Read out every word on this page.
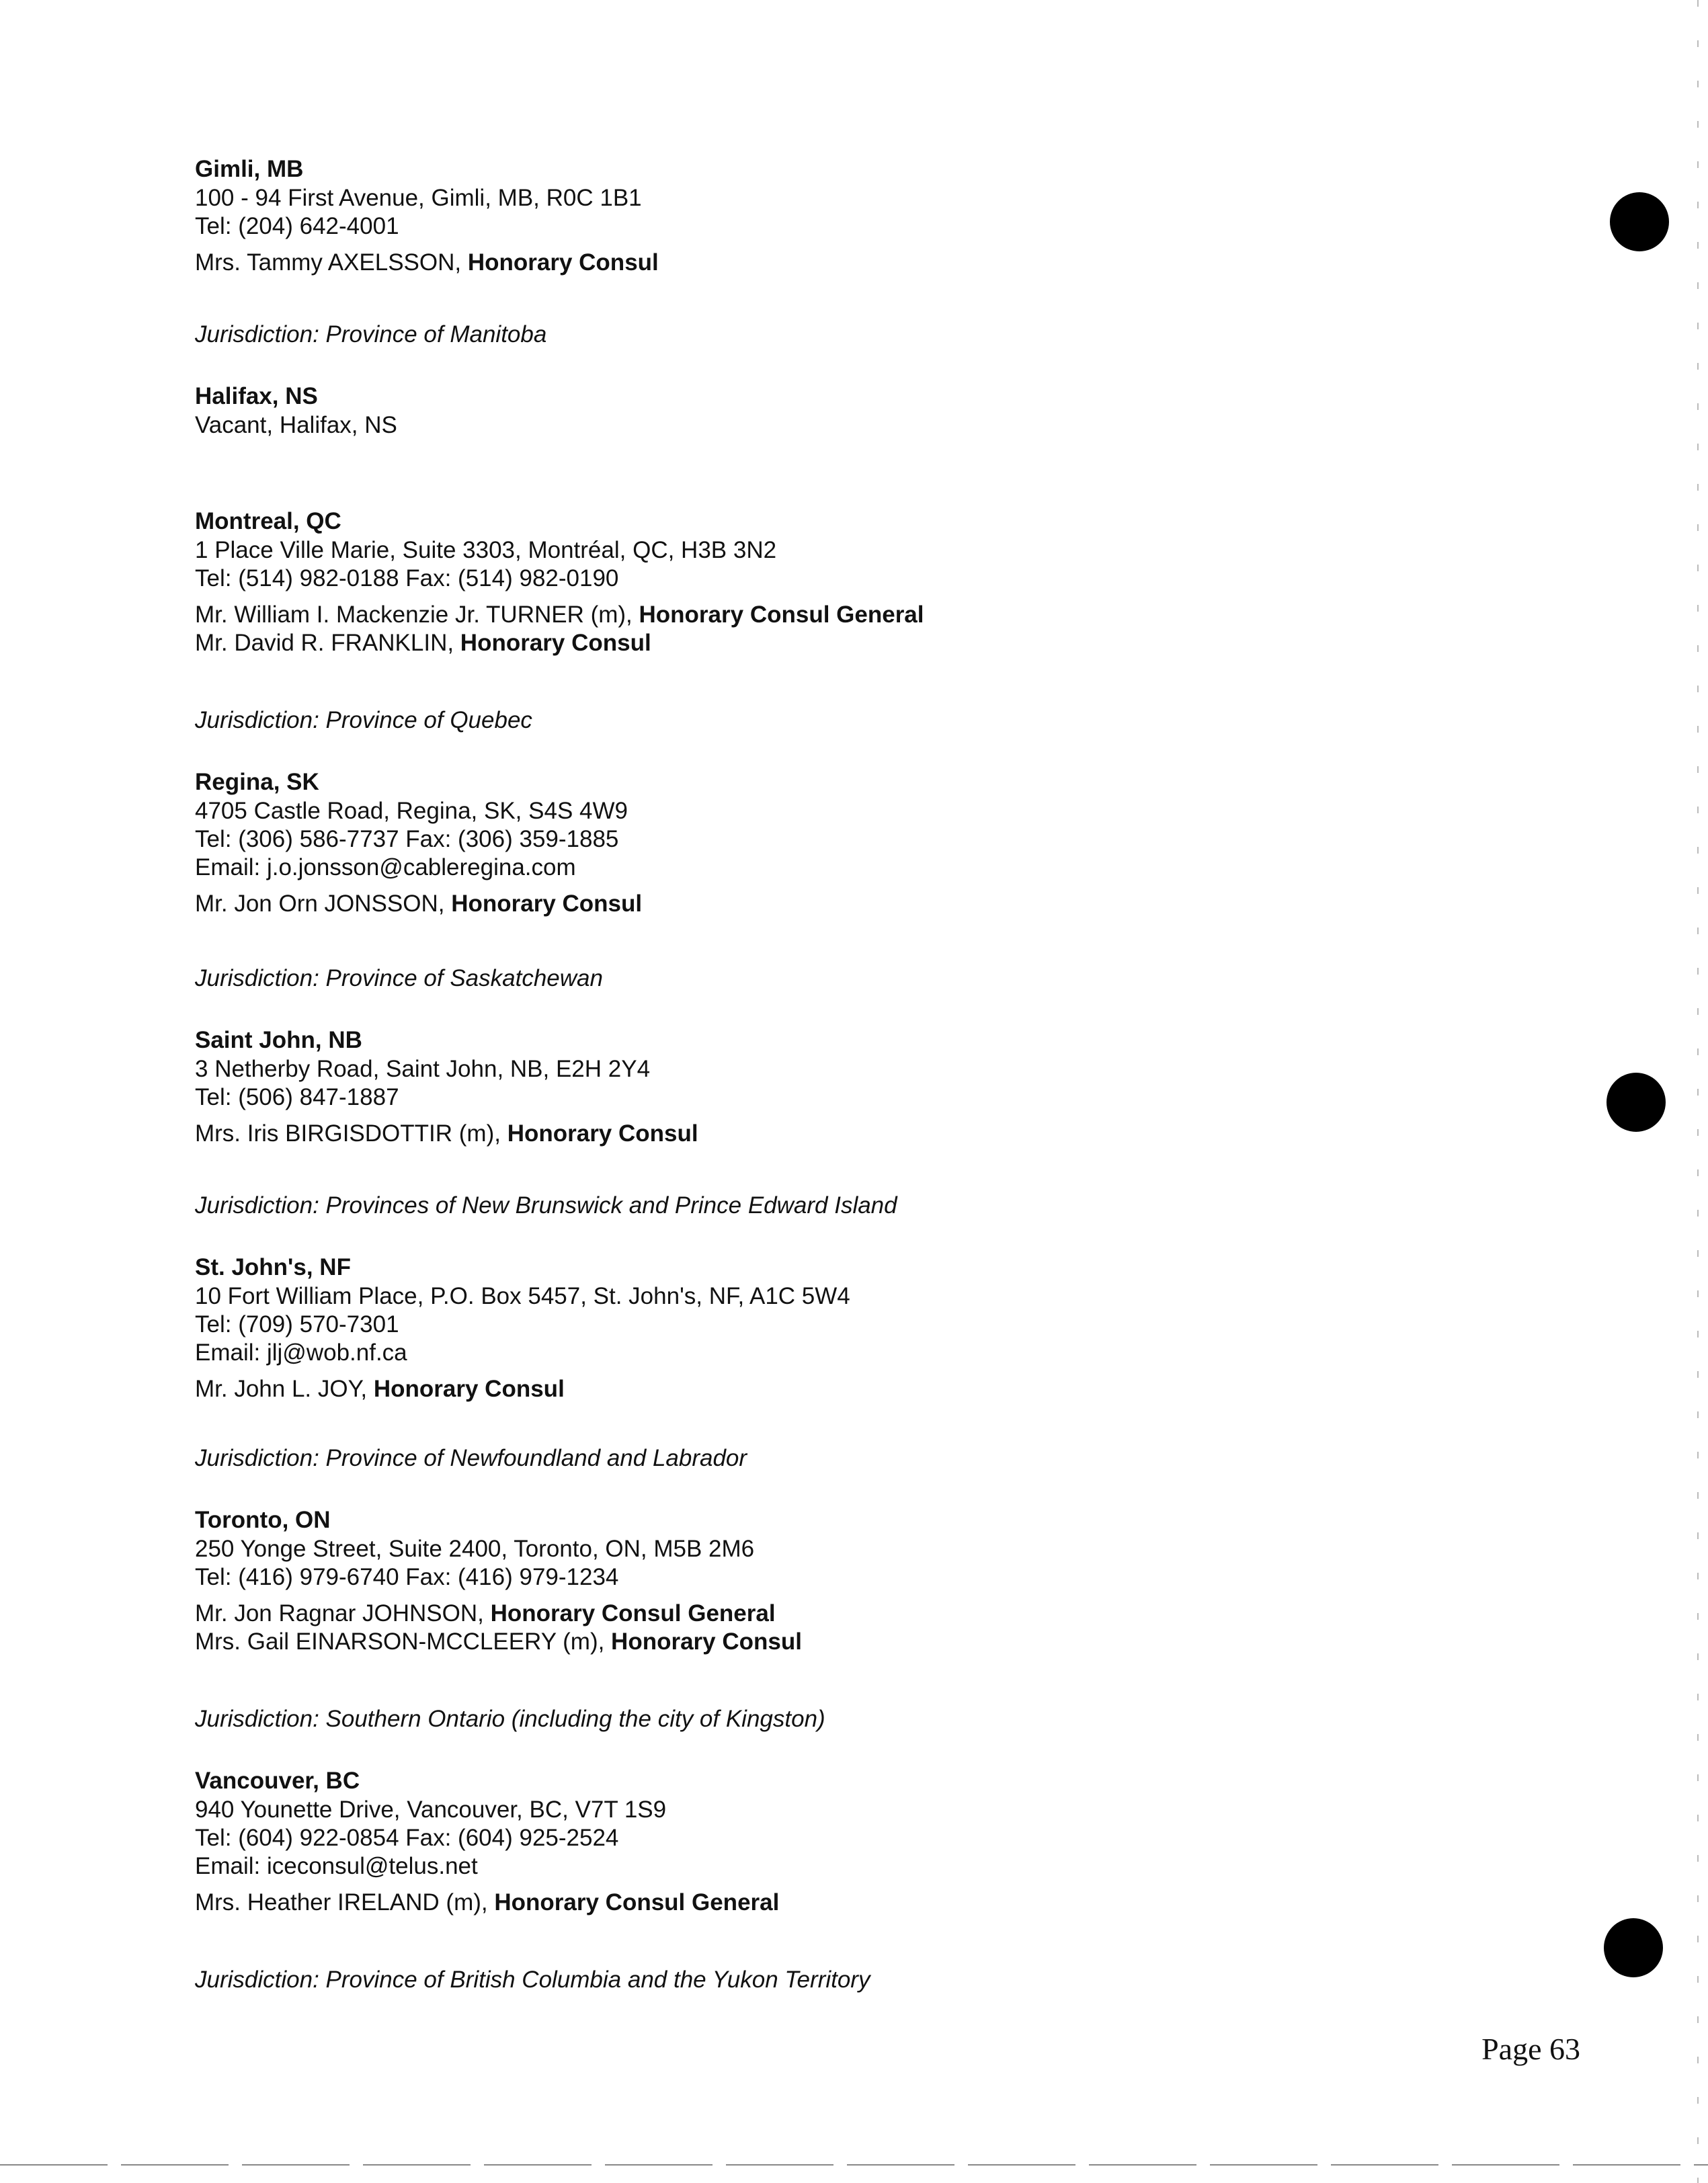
Gimli, MB
100 - 94 First Avenue, Gimli, MB, R0C 1B1
Tel: (204) 642-4001
Mrs. Tammy AXELSSON, Honorary Consul
Jurisdiction: Province of Manitoba
Halifax, NS
Vacant, Halifax, NS
Montreal, QC
1 Place Ville Marie, Suite 3303, Montréal, QC, H3B 3N2
Tel: (514) 982-0188 Fax: (514) 982-0190
Mr. William I. Mackenzie Jr. TURNER (m), Honorary Consul General
Mr. David R. FRANKLIN, Honorary Consul
Jurisdiction: Province of Quebec
Regina, SK
4705 Castle Road, Regina, SK, S4S 4W9
Tel: (306) 586-7737 Fax: (306) 359-1885
Email: j.o.jonsson@cableregina.com
Mr. Jon Orn JONSSON, Honorary Consul
Jurisdiction: Province of Saskatchewan
Saint John, NB
3 Netherby Road, Saint John, NB, E2H 2Y4
Tel: (506) 847-1887
Mrs. Iris BIRGISDOTTIR (m), Honorary Consul
Jurisdiction: Provinces of New Brunswick and Prince Edward Island
St. John's, NF
10 Fort William Place, P.O. Box 5457, St. John's, NF, A1C 5W4
Tel: (709) 570-7301
Email: jlj@wob.nf.ca
Mr. John L. JOY, Honorary Consul
Jurisdiction: Province of Newfoundland and Labrador
Toronto, ON
250 Yonge Street, Suite 2400, Toronto, ON, M5B 2M6
Tel: (416) 979-6740 Fax: (416) 979-1234
Mr. Jon Ragnar JOHNSON, Honorary Consul General
Mrs. Gail EINARSON-MCCLEERY (m), Honorary Consul
Jurisdiction: Southern Ontario (including the city of Kingston)
Vancouver, BC
940 Younette Drive, Vancouver, BC, V7T 1S9
Tel: (604) 922-0854 Fax: (604) 925-2524
Email: iceconsul@telus.net
Mrs. Heather IRELAND (m), Honorary Consul General
Jurisdiction: Province of British Columbia and the Yukon Territory
Page 63
